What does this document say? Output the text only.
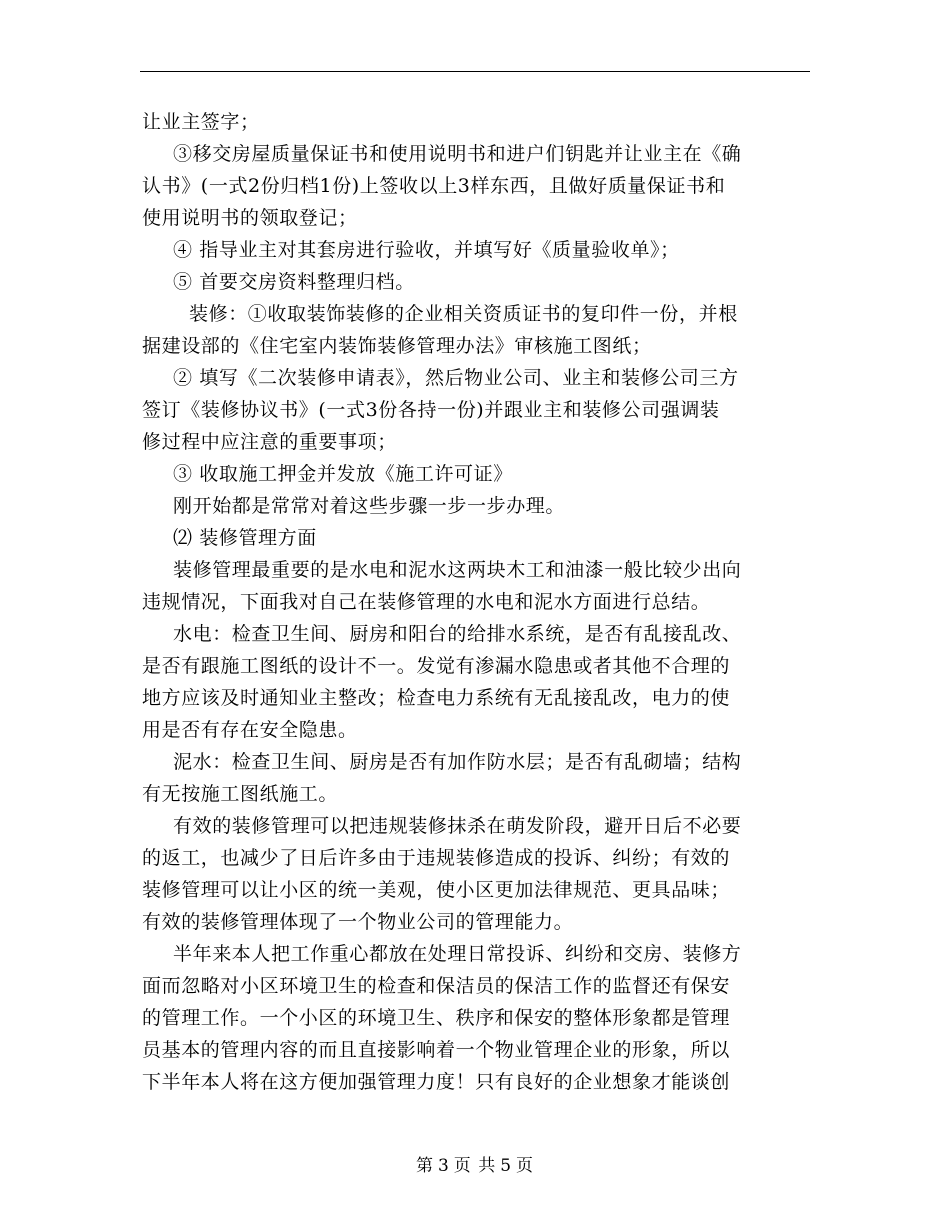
让业主签字；
③移交房屋质量保证书和使用说明书和进户们钥匙并让业主在《确
认书》(一式2份归档1份)上签收以上3样东西，且做好质量保证书和
使用说明书的领取登记；
④ 指导业主对其套房进行验收，并填写好《质量验收单》；
⑤ 首要交房资料整理归档。
装修：①收取装饰装修的企业相关资质证书的复印件一份，并根
据建设部的《住宅室内装饰装修管理办法》审核施工图纸；
② 填写《二次装修申请表》，然后物业公司、业主和装修公司三方
签订《装修协议书》(一式3份各持一份)并跟业主和装修公司强调装
修过程中应注意的重要事项；
③ 收取施工押金并发放《施工许可证》
刚开始都是常常对着这些步骤一步一步办理。
⑵ 装修管理方面
装修管理最重要的是水电和泥水这两块木工和油漆一般比较少出向
违规情况，下面我对自己在装修管理的水电和泥水方面进行总结。
水电：检查卫生间、厨房和阳台的给排水系统，是否有乱接乱改、
是否有跟施工图纸的设计不一。发觉有渗漏水隐患或者其他不合理的
地方应该及时通知业主整改；检查电力系统有无乱接乱改，电力的使
用是否有存在安全隐患。
泥水：检查卫生间、厨房是否有加作防水层；是否有乱砌墙；结构
有无按施工图纸施工。
有效的装修管理可以把违规装修抹杀在萌发阶段，避开日后不必要
的返工，也减少了日后许多由于违规装修造成的投诉、纠纷；有效的
装修管理可以让小区的统一美观，使小区更加法律规范、更具品味；
有效的装修管理体现了一个物业公司的管理能力。
半年来本人把工作重心都放在处理日常投诉、纠纷和交房、装修方
面而忽略对小区环境卫生的检查和保洁员的保洁工作的监督还有保安
的管理工作。一个小区的环境卫生、秩序和保安的整体形象都是管理
员基本的管理内容的而且直接影响着一个物业管理企业的形象，所以
下半年本人将在这方便加强管理力度！只有良好的企业想象才能谈创
第 3 页 共 5 页
